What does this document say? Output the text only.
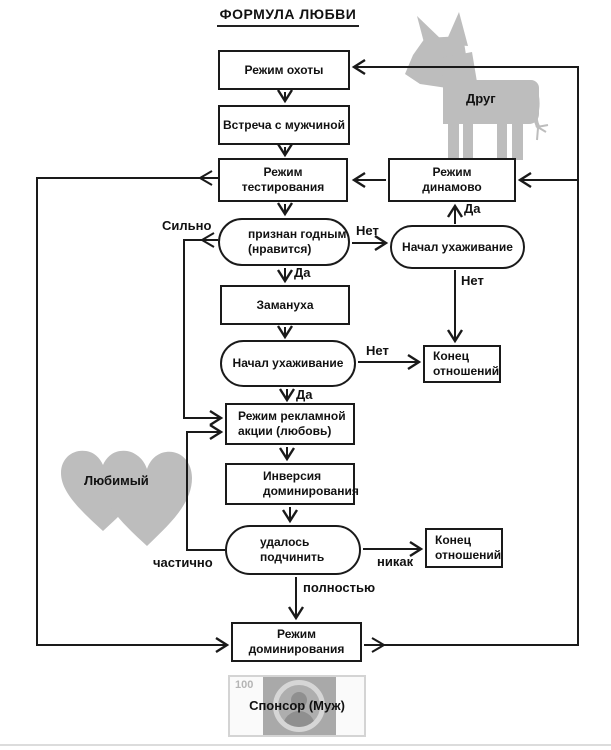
ФОРМУЛА ЛЮБВИ
Режим охоты
Встреча с мужчиной
Режим
тестирования
Режим
динамово
признан годным
(нравится)	Начал ухаживание
Замануха
Начал ухаживание	Конец
отношений
Режим рекламной
акции (любовь)
Инверсия
доминирования
удалось
подчинить
Конец
отношений
Режим
доминирования
Сильно	Нет
Да
Да
Нет
Нет
Да
частично	никак
полностью
Друг
Любимый
100
Спонсор (Муж)
